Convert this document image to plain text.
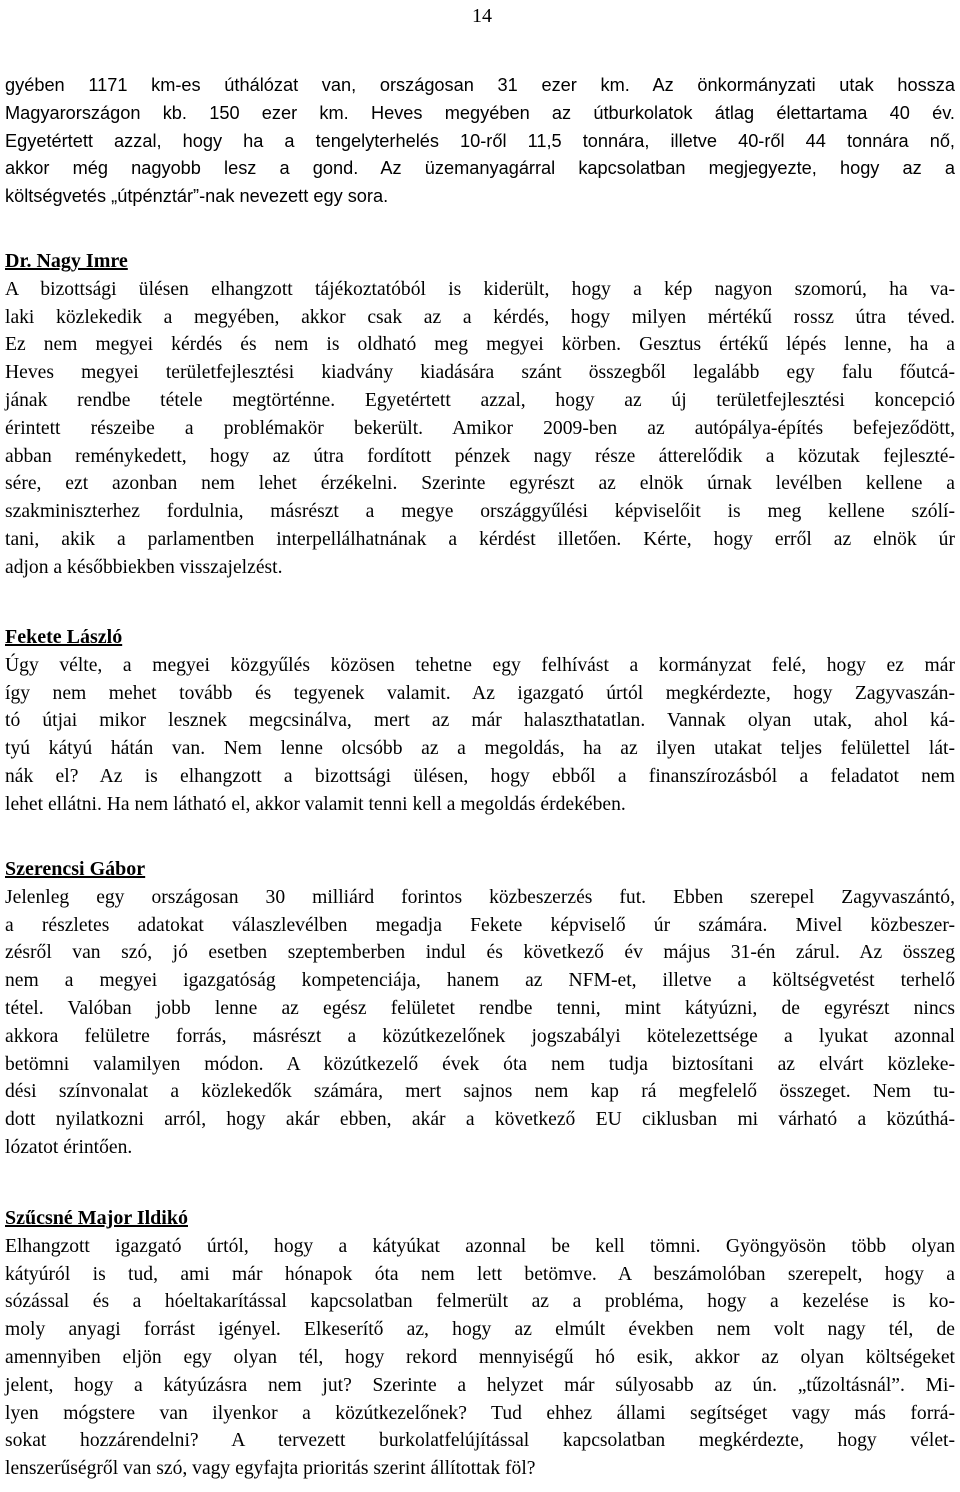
14
gyében 1171 km-es úthálózat van, országosan 31 ezer km. Az önkormányzati utak hossza
Magyarországon kb. 150 ezer km. Heves megyében az útburkolatok átlag élettartama 40 év.
Egyetértett azzal, hogy ha a tengelyterhelés 10-ről 11,5 tonnára, illetve 40-ről 44 tonnára nő,
akkor még nagyobb lesz a gond. Az üzemanyagárral kapcsolatban megjegyezte, hogy az a
költségvetés „útpénztár”-nak nevezett egy sora.
Dr. Nagy Imre
A bizottsági ülésen elhangzott tájékoztatóból is kiderült, hogy a kép nagyon szomorú, ha va-
laki közlekedik a megyében, akkor csak az a kérdés, hogy milyen mértékű rossz útra téved.
Ez nem megyei kérdés és nem is oldható meg megyei körben. Gesztus értékű lépés lenne, ha a
Heves megyei területfejlesztési kiadvány kiadására szánt összegből legalább egy falu főutcá-
jának rendbe tétele megtörténne. Egyetértett azzal, hogy az új területfejlesztési koncepció
érintett részeibe a problémakör bekerült. Amikor 2009-ben az autópálya-építés befejeződött,
abban reménykedett, hogy az útra fordított pénzek nagy része átterelődik a közutak fejleszté-
sére, ezt azonban nem lehet érzékelni. Szerinte egyrészt az elnök úrnak levélben kellene a
szakminiszterhez fordulnia, másrészt a megye országgyűlési képviselőit is meg kellene szólí-
tani, akik a parlamentben interpellálhatnának a kérdést illetően. Kérte, hogy erről az elnök úr
adjon a későbbiekben visszajelzést.
Fekete László
Úgy vélte, a megyei közgyűlés közösen tehetne egy felhívást a kormányzat felé, hogy ez már
így nem mehet tovább és tegyenek valamit. Az igazgató úrtól megkérdezte, hogy Zagyvaszán-
tó útjai mikor lesznek megcsinálva, mert az már halaszthatatlan. Vannak olyan utak, ahol ká-
tyú kátyú hátán van. Nem lenne olcsóbb az a megoldás, ha az ilyen utakat teljes felülettel lát-
nák el? Az is elhangzott a bizottsági ülésen, hogy ebből a finanszírozásból a feladatot nem
lehet ellátni. Ha nem látható el, akkor valamit tenni kell a megoldás érdekében.
Szerencsi Gábor
Jelenleg egy országosan 30 milliárd forintos közbeszerzés fut. Ebben szerepel Zagyvaszántó,
a részletes adatokat válaszlevélben megadja Fekete képviselő úr számára. Mivel közbeszer-
zésről van szó, jó esetben szeptemberben indul és következő év május 31-én zárul. Az összeg
nem a megyei igazgatóság kompetenciája, hanem az NFM-et, illetve a költségvetést terhelő
tétel. Valóban jobb lenne az egész felületet rendbe tenni, mint kátyúzni, de egyrészt nincs
akkora felületre forrás, másrészt a közútkezelőnek jogszabályi kötelezettsége a lyukat azonnal
betömni valamilyen módon. A közútkezelő évek óta nem tudja biztosítani az elvárt közleke-
dési színvonalat a közlekedők számára, mert sajnos nem kap rá megfelelő összeget. Nem tu-
dott nyilatkozni arról, hogy akár ebben, akár a következő EU ciklusban mi várható a közúthá-
lózatot érintően.
Szűcsné Major Ildikó
Elhangzott igazgató úrtól, hogy a kátyúkat azonnal be kell tömni. Gyöngyösön több olyan
kátyúról is tud, ami már hónapok óta nem lett betömve. A beszámolóban szerepelt, hogy a
sózással és a hóeltakarítással kapcsolatban felmerült az a probléma, hogy a kezelése is ko-
moly anyagi forrást igényel. Elkeserítő az, hogy az elmúlt években nem volt nagy tél, de
amennyiben eljön egy olyan tél, hogy rekord mennyiségű hó esik, akkor az olyan költségeket
jelent, hogy a kátyúzásra nem jut? Szerinte a helyzet már súlyosabb az ún. „tűzoltásnál”. Mi-
lyen mógstere van ilyenkor a közútkezelőnek? Tud ehhez állami segítséget vagy más forrá-
sokat hozzárendelni? A tervezett burkolatfelújítással kapcsolatban megkérdezte, hogy vélet-
lenszerűségről van szó, vagy egyfajta prioritás szerint állítottak föl?
